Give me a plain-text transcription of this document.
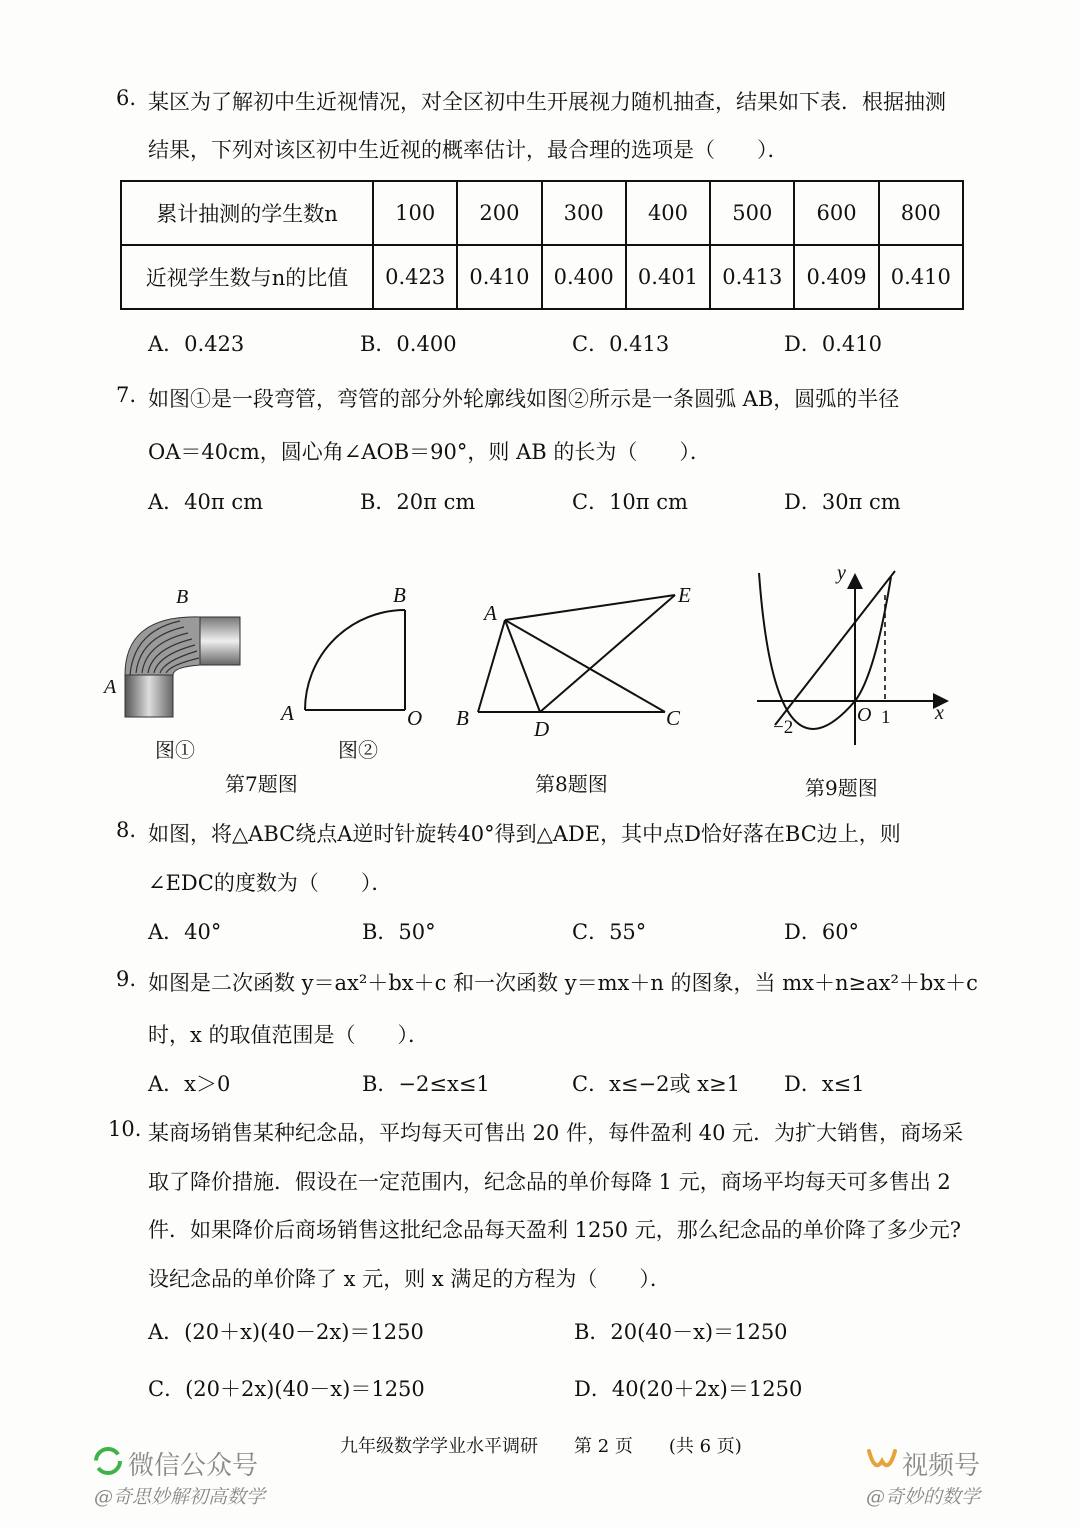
6. 某区为了解初中生近视情况，对全区初中生开展视力随机抽查，结果如下表．根据抽测
结果，下列对该区初中生近视的概率估计，最合理的选项是（　　）．
累计抽测的学生数n	100	200	300	400	500	600	800
近视学生数与n的比值	0.423	0.410	0.400	0.401	0.413	0.409	0.410
A．0.423	B．0.400	C．0.413	D．0.410
7. 如图①是一段弯管，弯管的部分外轮廓线如图②所示是一条圆弧 AB，圆弧的半径
OA＝40cm，圆心角∠AOB＝90°，则 AB 的长为（　　）．
A．40π cm	B．20π cm	C．10π cm	D．30π cm
B
A
图①
B
A	O
图②
第7题图
A
E
B	D	C
第8题图
y
x
O 1
−2
第9题图
8. 如图，将△ABC绕点A逆时针旋转40°得到△ADE，其中点D恰好落在BC边上，则
∠EDC的度数为（　　）．
A．40°	B．50°	C．55°	D．60°
9. 如图是二次函数 y＝ax²＋bx＋c 和一次函数 y＝mx＋n 的图象，当 mx＋n≥ax²＋bx＋c
时，x 的取值范围是（　　）．
A．x＞0	B．−2≤x≤1	C．x≤−2或 x≥1 D．x≤1
10. 某商场销售某种纪念品，平均每天可售出 20 件，每件盈利 40 元．为扩大销售，商场采
取了降价措施．假设在一定范围内，纪念品的单价每降 1 元，商场平均每天可多售出 2
件．如果降价后商场销售这批纪念品每天盈利 1250 元，那么纪念品的单价降了多少元?
设纪念品的单价降了 x 元，则 x 满足的方程为（　　）．
A．(20＋x)(40－2x)＝1250	B．20(40－x)＝1250
C．(20＋2x)(40－x)＝1250	D．40(20＋2x)＝1250
九年级数学学业水平调研　　第 2 页　　(共 6 页)
微信公众号
@奇思妙解初高数学
视频号
@奇妙的数学
